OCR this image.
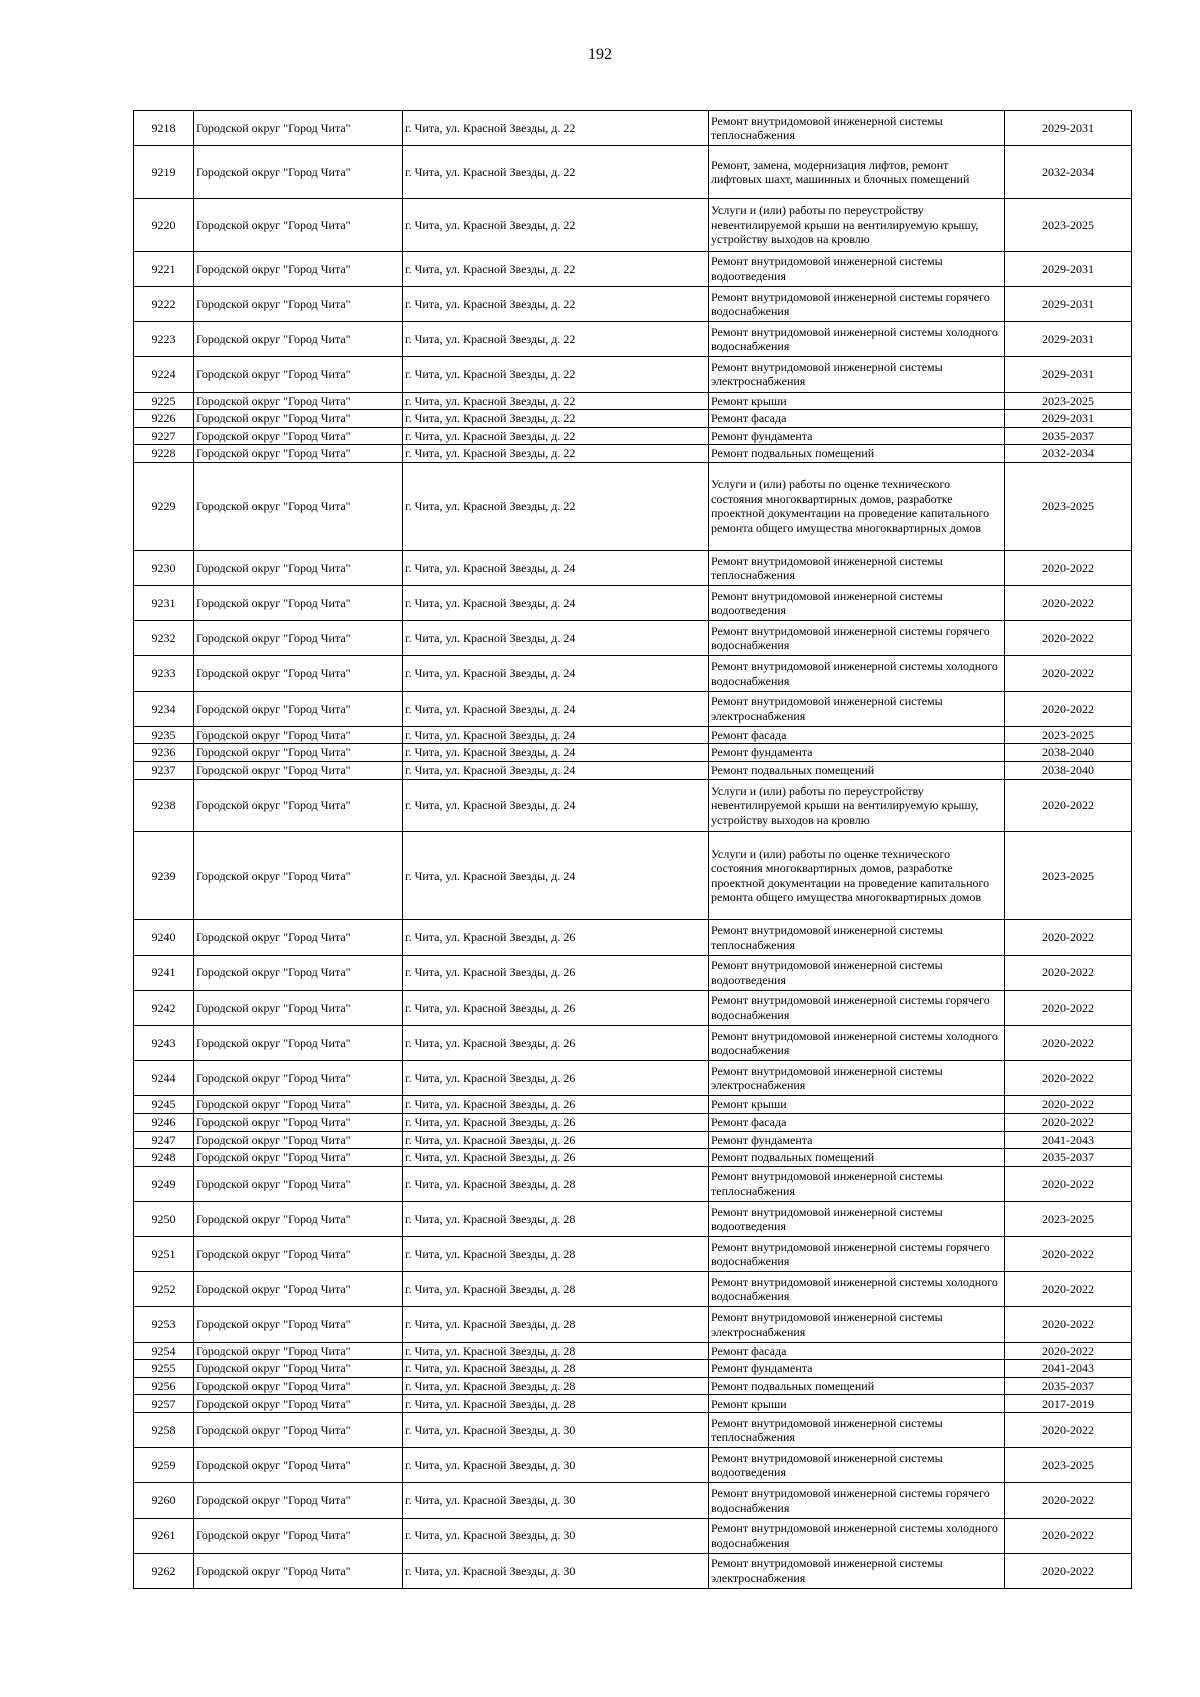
192
9218	Городской округ "Город Чита"	г. Чита, ул. Красной Звезды, д. 22	Ремонт внутридомовой инженерной системы теплоснабжения	2029-2031
9219	Городской округ "Город Чита"	г. Чита, ул. Красной Звезды, д. 22	Ремонт, замена, модернизация лифтов, ремонт лифтовых шахт, машинных и блочных помещений	2032-2034
9220	Городской округ "Город Чита"	г. Чита, ул. Красной Звезды, д. 22	Услуги и (или) работы по переустройству невентилируемой крыши на вентилируемую крышу, устройству выходов на кровлю	2023-2025
9221	Городской округ "Город Чита"	г. Чита, ул. Красной Звезды, д. 22	Ремонт внутридомовой инженерной системы водоотведения	2029-2031
9222	Городской округ "Город Чита"	г. Чита, ул. Красной Звезды, д. 22	Ремонт внутридомовой инженерной системы горячего водоснабжения	2029-2031
9223	Городской округ "Город Чита"	г. Чита, ул. Красной Звезды, д. 22	Ремонт внутридомовой инженерной системы холодного водоснабжения	2029-2031
9224	Городской округ "Город Чита"	г. Чита, ул. Красной Звезды, д. 22	Ремонт внутридомовой инженерной системы электроснабжения	2029-2031
9225	Городской округ "Город Чита"	г. Чита, ул. Красной Звезды, д. 22	Ремонт крыши	2023-2025
9226	Городской округ "Город Чита"	г. Чита, ул. Красной Звезды, д. 22	Ремонт фасада	2029-2031
9227	Городской округ "Город Чита"	г. Чита, ул. Красной Звезды, д. 22	Ремонт фундамента	2035-2037
9228	Городской округ "Город Чита"	г. Чита, ул. Красной Звезды, д. 22	Ремонт подвальных помещений	2032-2034
9229	Городской округ "Город Чита"	г. Чита, ул. Красной Звезды, д. 22	Услуги и (или) работы по оценке технического состояния многоквартирных домов, разработке проектной документации на проведение капитального ремонта общего имущества многоквартирных домов	2023-2025
9230	Городской округ "Город Чита"	г. Чита, ул. Красной Звезды, д. 24	Ремонт внутридомовой инженерной системы теплоснабжения	2020-2022
9231	Городской округ "Город Чита"	г. Чита, ул. Красной Звезды, д. 24	Ремонт внутридомовой инженерной системы водоотведения	2020-2022
9232	Городской округ "Город Чита"	г. Чита, ул. Красной Звезды, д. 24	Ремонт внутридомовой инженерной системы горячего водоснабжения	2020-2022
9233	Городской округ "Город Чита"	г. Чита, ул. Красной Звезды, д. 24	Ремонт внутридомовой инженерной системы холодного водоснабжения	2020-2022
9234	Городской округ "Город Чита"	г. Чита, ул. Красной Звезды, д. 24	Ремонт внутридомовой инженерной системы электроснабжения	2020-2022
9235	Городской округ "Город Чита"	г. Чита, ул. Красной Звезды, д. 24	Ремонт фасада	2023-2025
9236	Городской округ "Город Чита"	г. Чита, ул. Красной Звезды, д. 24	Ремонт фундамента	2038-2040
9237	Городской округ "Город Чита"	г. Чита, ул. Красной Звезды, д. 24	Ремонт подвальных помещений	2038-2040
9238	Городской округ "Город Чита"	г. Чита, ул. Красной Звезды, д. 24	Услуги и (или) работы по переустройству невентилируемой крыши на вентилируемую крышу, устройству выходов на кровлю	2020-2022
9239	Городской округ "Город Чита"	г. Чита, ул. Красной Звезды, д. 24	Услуги и (или) работы по оценке технического состояния многоквартирных домов, разработке проектной документации на проведение капитального ремонта общего имущества многоквартирных домов	2023-2025
9240	Городской округ "Город Чита"	г. Чита, ул. Красной Звезды, д. 26	Ремонт внутридомовой инженерной системы теплоснабжения	2020-2022
9241	Городской округ "Город Чита"	г. Чита, ул. Красной Звезды, д. 26	Ремонт внутридомовой инженерной системы водоотведения	2020-2022
9242	Городской округ "Город Чита"	г. Чита, ул. Красной Звезды, д. 26	Ремонт внутридомовой инженерной системы горячего водоснабжения	2020-2022
9243	Городской округ "Город Чита"	г. Чита, ул. Красной Звезды, д. 26	Ремонт внутридомовой инженерной системы холодного водоснабжения	2020-2022
9244	Городской округ "Город Чита"	г. Чита, ул. Красной Звезды, д. 26	Ремонт внутридомовой инженерной системы электроснабжения	2020-2022
9245	Городской округ "Город Чита"	г. Чита, ул. Красной Звезды, д. 26	Ремонт крыши	2020-2022
9246	Городской округ "Город Чита"	г. Чита, ул. Красной Звезды, д. 26	Ремонт фасада	2020-2022
9247	Городской округ "Город Чита"	г. Чита, ул. Красной Звезды, д. 26	Ремонт фундамента	2041-2043
9248	Городской округ "Город Чита"	г. Чита, ул. Красной Звезды, д. 26	Ремонт подвальных помещений	2035-2037
9249	Городской округ "Город Чита"	г. Чита, ул. Красной Звезды, д. 28	Ремонт внутридомовой инженерной системы теплоснабжения	2020-2022
9250	Городской округ "Город Чита"	г. Чита, ул. Красной Звезды, д. 28	Ремонт внутридомовой инженерной системы водоотведения	2023-2025
9251	Городской округ "Город Чита"	г. Чита, ул. Красной Звезды, д. 28	Ремонт внутридомовой инженерной системы горячего водоснабжения	2020-2022
9252	Городской округ "Город Чита"	г. Чита, ул. Красной Звезды, д. 28	Ремонт внутридомовой инженерной системы холодного водоснабжения	2020-2022
9253	Городской округ "Город Чита"	г. Чита, ул. Красной Звезды, д. 28	Ремонт внутридомовой инженерной системы электроснабжения	2020-2022
9254	Городской округ "Город Чита"	г. Чита, ул. Красной Звезды, д. 28	Ремонт фасада	2020-2022
9255	Городской округ "Город Чита"	г. Чита, ул. Красной Звезды, д. 28	Ремонт фундамента	2041-2043
9256	Городской округ "Город Чита"	г. Чита, ул. Красной Звезды, д. 28	Ремонт подвальных помещений	2035-2037
9257	Городской округ "Город Чита"	г. Чита, ул. Красной Звезды, д. 28	Ремонт крыши	2017-2019
9258	Городской округ "Город Чита"	г. Чита, ул. Красной Звезды, д. 30	Ремонт внутридомовой инженерной системы теплоснабжения	2020-2022
9259	Городской округ "Город Чита"	г. Чита, ул. Красной Звезды, д. 30	Ремонт внутридомовой инженерной системы водоотведения	2023-2025
9260	Городской округ "Город Чита"	г. Чита, ул. Красной Звезды, д. 30	Ремонт внутридомовой инженерной системы горячего водоснабжения	2020-2022
9261	Городской округ "Город Чита"	г. Чита, ул. Красной Звезды, д. 30	Ремонт внутридомовой инженерной системы холодного водоснабжения	2020-2022
9262	Городской округ "Город Чита"	г. Чита, ул. Красной Звезды, д. 30	Ремонт внутридомовой инженерной системы электроснабжения	2020-2022
